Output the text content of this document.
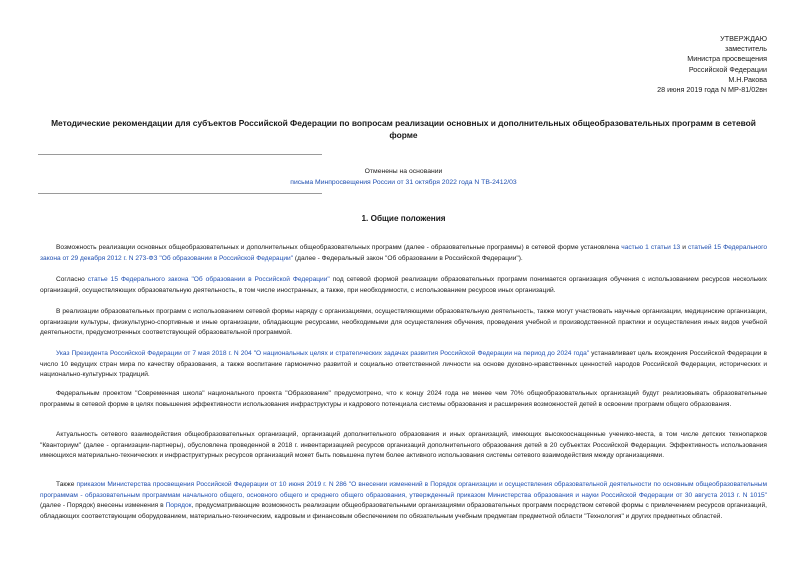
УТВЕРЖДАЮ
заместитель
Министра просвещения
Российской Федерации
М.Н.Ракова
28 июня 2019 года N МР-81/02вн
Методические рекомендации для субъектов Российской Федерации по вопросам реализации основных и дополнительных общеобразовательных программ в сетевой форме
Отменены на основании
письма Минпросвещения России от 31 октября 2022 года N ТВ-2412/03
1. Общие положения

Возможность реализации основных общеобразовательных и дополнительных общеобразовательных программ (далее - образовательные программы) в сетевой форме установлена частью 1 статьи 13 и статьей 15 Федерального закона от 29 декабря 2012 г. N 273-ФЗ "Об образовании в Российской Федерации" (далее - Федеральный закон "Об образовании в Российской Федерации").

Согласно статье 15 Федерального закона "Об образовании в Российской Федерации" под сетевой формой реализации образовательных программ понимается организация обучения с использованием ресурсов нескольких организаций, осуществляющих образовательную деятельность, в том числе иностранных, а также, при необходимости, с использованием ресурсов иных организаций.

В реализации образовательных программ с использованием сетевой формы наряду с организациями, осуществляющими образовательную деятельность, также могут участвовать научные организации, медицинские организации, организации культуры, физкультурно-спортивные и иные организации, обладающие ресурсами, необходимыми для осуществления обучения, проведения учебной и производственной практики и осуществления иных видов учебной деятельности, предусмотренных соответствующей образовательной программой.

Указ Президента Российской Федерации от 7 мая 2018 г. N 204 "О национальных целях и стратегических задачах развития Российской Федерации на период до 2024 года" устанавливает цель вхождения Российской Федерации в число 10 ведущих стран мира по качеству образования, а также воспитание гармонично развитой и социально ответственной личности на основе духовно-нравственных ценностей народов Российской Федерации, исторических и национально-культурных традиций.

Федеральным проектом "Современная школа" национального проекта "Образование" предусмотрено, что к концу 2024 года не менее чем 70% общеобразовательных организаций будут реализовывать образовательные программы в сетевой форме в целях повышения эффективности использования инфраструктуры и кадрового потенциала системы образования и расширения возможностей детей в освоении программ общего образования.

Актуальность сетевого взаимодействия общеобразовательных организаций, организаций дополнительного образования и иных организаций, имеющих высокооснащенные ученико-места, в том числе детских технопарков "Кванториум" (далее - организации-партнеры), обусловлена проведенной в 2018 г. инвентаризацией ресурсов организаций дополнительного образования детей в 20 субъектах Российской Федерации. Эффективность использования имеющихся материально-технических и инфраструктурных ресурсов организаций может быть повышена путем более активного использования системы сетевого взаимодействия между организациями.

Также приказом Министерства просвещения Российской Федерации от 10 июня 2019 г. N 286 "О внесении изменений в Порядок организации и осуществления образовательной деятельности по основным общеобразовательным программам - образовательным программам начального общего, основного общего и среднего общего образования, утвержденный приказом Министерства образования и науки Российской Федерации от 30 августа 2013 г. N 1015" (далее - Порядок) внесены изменения в Порядок, предусматривающие возможность реализации общеобразовательными организациями образовательных программ посредством сетевой формы с привлечением ресурсов организаций, обладающих соответствующим оборудованием, материально-техническим, кадровым и финансовым обеспечением по обязательным учебным предметам предметной области "Технология" и других предметных областей.
